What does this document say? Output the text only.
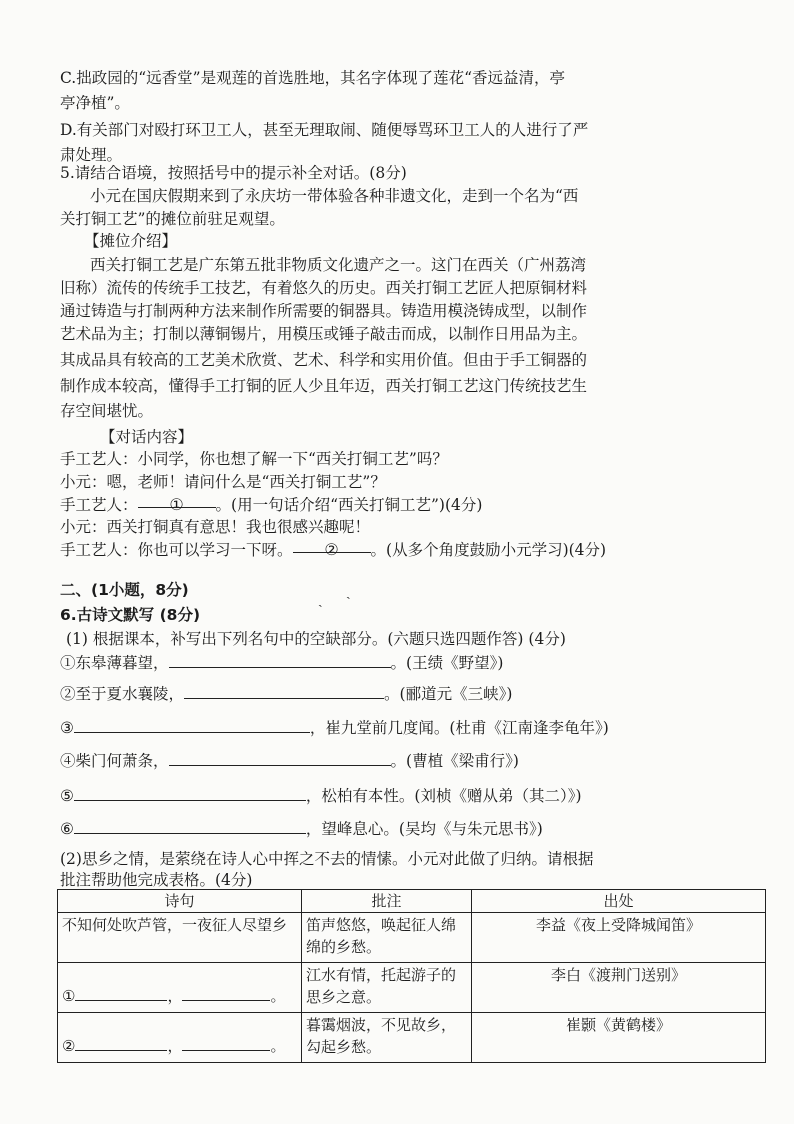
C.拙政园的“远香堂”是观莲的首选胜地，其名字体现了莲花“香远益清，亭
亭净植”。
D.有关部门对殴打环卫工人，甚至无理取闹、随便辱骂环卫工人的人进行了严
肃处理。
5.请结合语境，按照括号中的提示补全对话。(8分)
小元在国庆假期来到了永庆坊一带体验各种非遗文化，走到一个名为“西
关打铜工艺”的摊位前驻足观望。
【摊位介绍】
西关打铜工艺是广东第五批非物质文化遗产之一。这门在西关（广州荔湾
旧称）流传的传统手工技艺，有着悠久的历史。西关打铜工艺匠人把原铜材料
通过铸造与打制两种方法来制作所需要的铜器具。铸造用模浇铸成型，以制作
艺术品为主；打制以薄铜锡片，用模压或锤子敲击而成，以制作日用品为主。
其成品具有较高的工艺美术欣赏、艺术、科学和实用价值。但由于手工铜器的
制作成本较高，懂得手工打铜的匠人少且年迈，西关打铜工艺这门传统技艺生
存空间堪忧。
【对话内容】
手工艺人：小同学，你也想了解一下“西关打铜工艺”吗？
小元：嗯，老师！请问什么是“西关打铜工艺”？
手工艺人： ① 。(用一句话介绍“西关打铜工艺”)(4分)
小元：西关打铜真有意思！我也很感兴趣呢！
手工艺人：你也可以学习一下呀。 ② 。(从多个角度鼓励小元学习)(4分)
ˏ ˎ
二、(1小题，8分)
6.古诗文默写 (8分)
(1) 根据课本，补写出下列名句中的空缺部分。(六题只选四题作答) (4分)
①东皋薄暮望，	。(王绩《野望》)
②至于夏水襄陵，	。(郦道元《三峡》)
③	，崔九堂前几度闻。(杜甫《江南逢李龟年》)
④柴门何萧条，	。(曹植《梁甫行》)
⑤	，松柏有本性。(刘桢《赠从弟（其二）》)
⑥	，望峰息心。(吴均《与朱元思书》)
(2)思乡之情，是萦绕在诗人心中挥之不去的情愫。小元对此做了归纳。请根据
批注帮助他完成表格。(4分)
诗句	批注	出处
不知何处吹芦管，一夜征人尽望乡	笛声悠悠，唤起征人绵绵的乡愁。	李益《夜上受降城闻笛》
① ， 。	江水有情，托起游子的思乡之意。	李白《渡荆门送别》
② ， 。	暮霭烟波，不见故乡，勾起乡愁。	崔颢《黄鹤楼》
